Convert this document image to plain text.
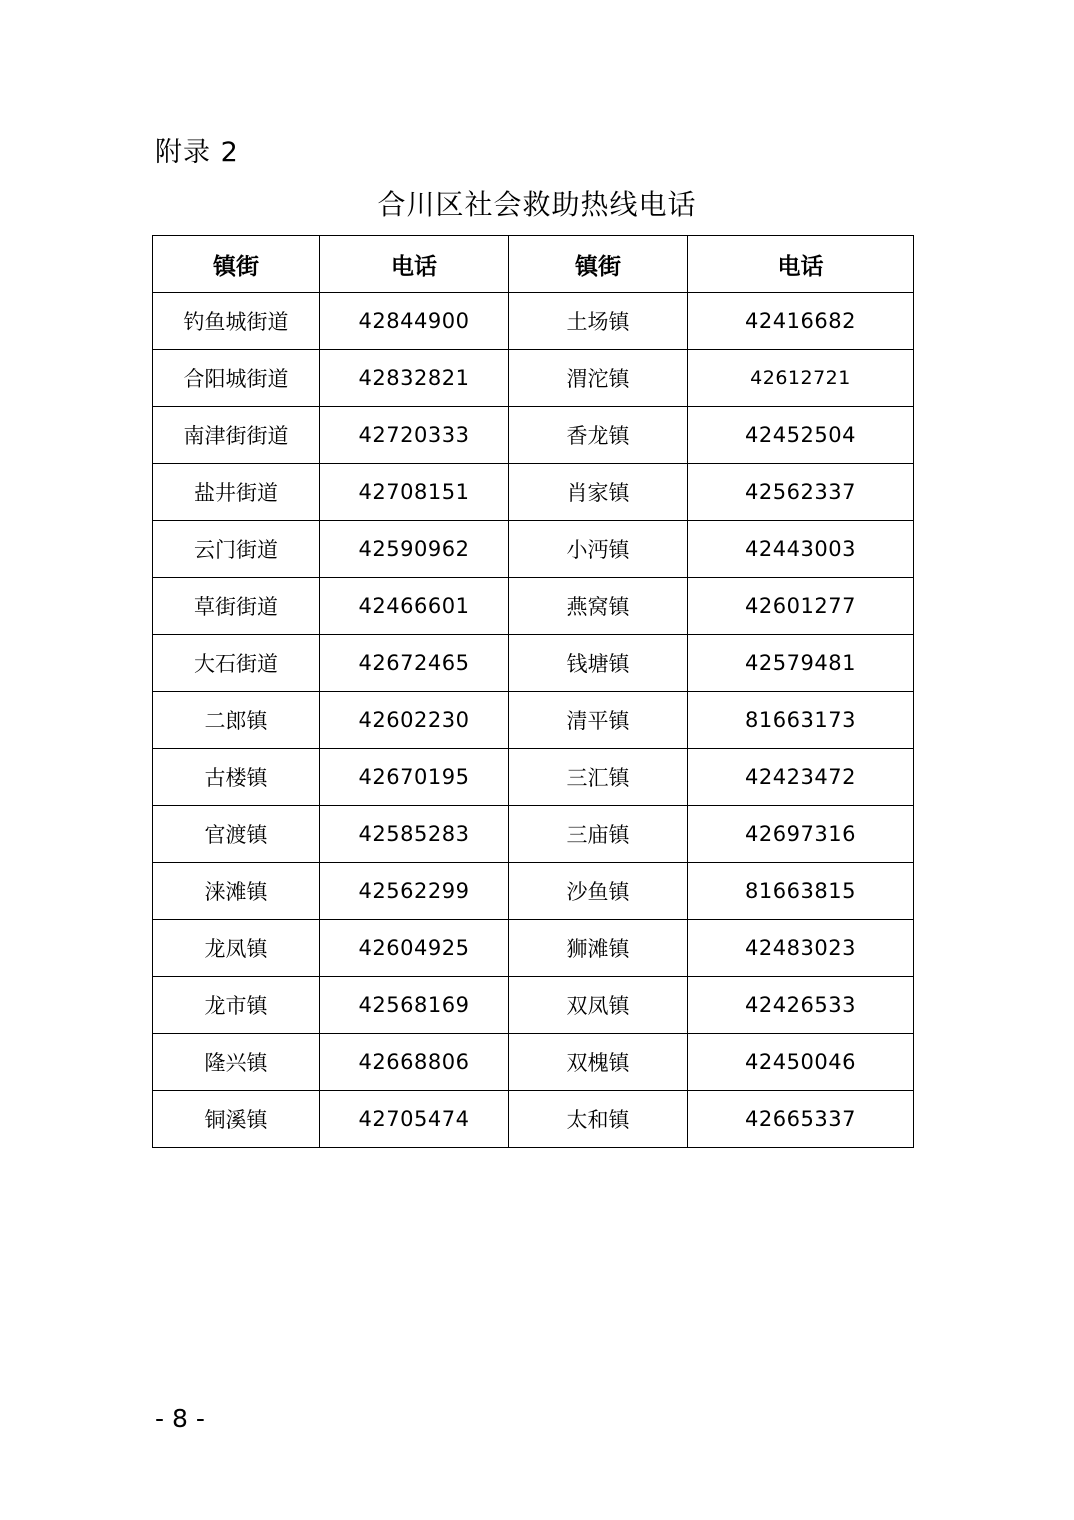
附录 2
合川区社会救助热线电话
镇街	电话	镇街	电话
钓鱼城街道	42844900	土场镇	42416682
合阳城街道	42832821	渭沱镇	42612721
南津街街道	42720333	香龙镇	42452504
盐井街道	42708151	肖家镇	42562337
云门街道	42590962	小沔镇	42443003
草街街道	42466601	燕窝镇	42601277
大石街道	42672465	钱塘镇	42579481
二郎镇	42602230	清平镇	81663173
古楼镇	42670195	三汇镇	42423472
官渡镇	42585283	三庙镇	42697316
涞滩镇	42562299	沙鱼镇	81663815
龙凤镇	42604925	狮滩镇	42483023
龙市镇	42568169	双凤镇	42426533
隆兴镇	42668806	双槐镇	42450046
铜溪镇	42705474	太和镇	42665337
- 8 -
